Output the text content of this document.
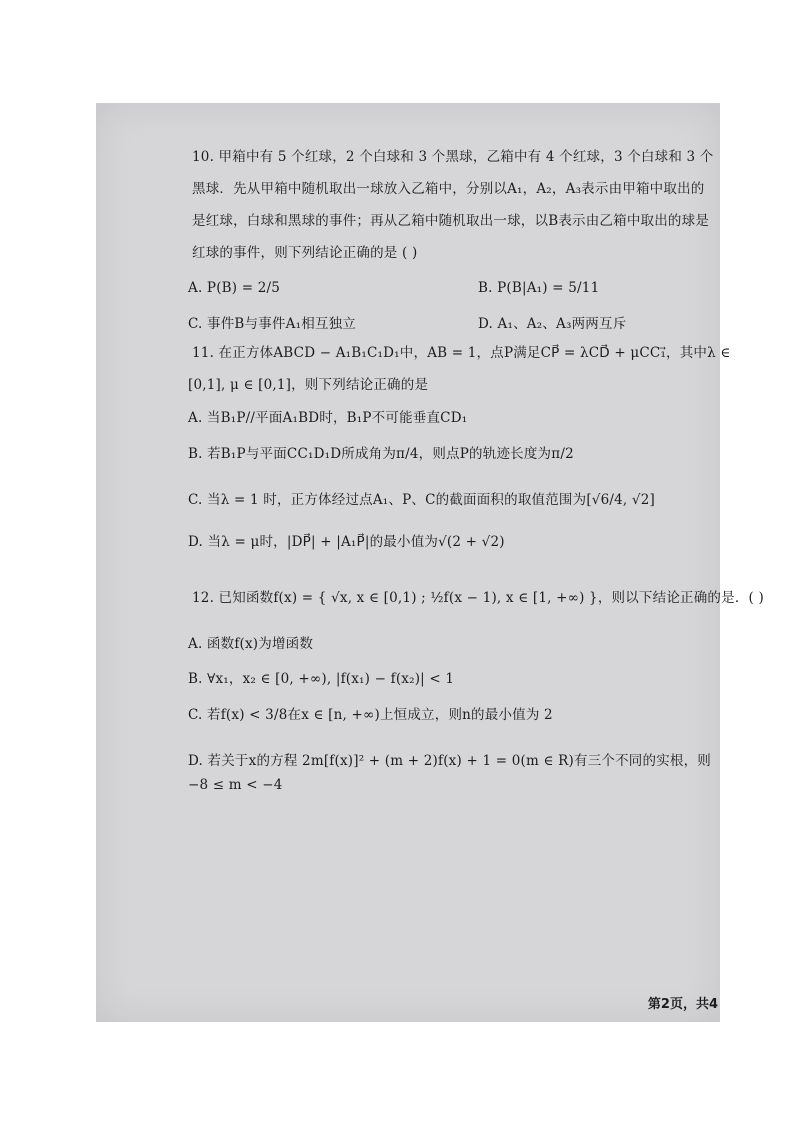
10. 甲箱中有 5 个红球，2 个白球和 3 个黑球，乙箱中有 4 个红球，3 个白球和 3 个
黑球．先从甲箱中随机取出一球放入乙箱中，分别以A₁，A₂，A₃表示由甲箱中取出的
是红球，白球和黑球的事件；再从乙箱中随机取出一球，以B表示由乙箱中取出的球是
红球的事件，则下列结论正确的是 ( )
A. P(B) = 2/5	B. P(B|A₁) = 5/11
C. 事件B与事件A₁相互独立	D. A₁、A₂、A₃两两互斥
11. 在正方体ABCD − A₁B₁C₁D₁中，AB = 1，点P满足CP⃗ = λCD⃗ + μCC₁⃗，其中λ ∈
[0,1], μ ∈ [0,1]，则下列结论正确的是
A. 当B₁P//平面A₁BD时，B₁P不可能垂直CD₁
B. 若B₁P与平面CC₁D₁D所成角为π/4，则点P的轨迹长度为π/2
C. 当λ = 1 时，正方体经过点A₁、P、C的截面面积的取值范围为[√6/4, √2]
D. 当λ = μ时，|DP⃗| + |A₁P⃗|的最小值为√(2 + √2)
12. 已知函数f(x) = { √x, x ∈ [0,1) ; ½f(x − 1), x ∈ [1, +∞) }，则以下结论正确的是．( )
A. 函数f(x)为增函数
B. ∀x₁，x₂ ∈ [0, +∞), |f(x₁) − f(x₂)| < 1
C. 若f(x) < 3/8在x ∈ [n, +∞)上恒成立，则n的最小值为 2
D. 若关于x的方程 2m[f(x)]² + (m + 2)f(x) + 1 = 0(m ∈ R)有三个不同的实根，则
−8 ≤ m < −4
第2页，共4
